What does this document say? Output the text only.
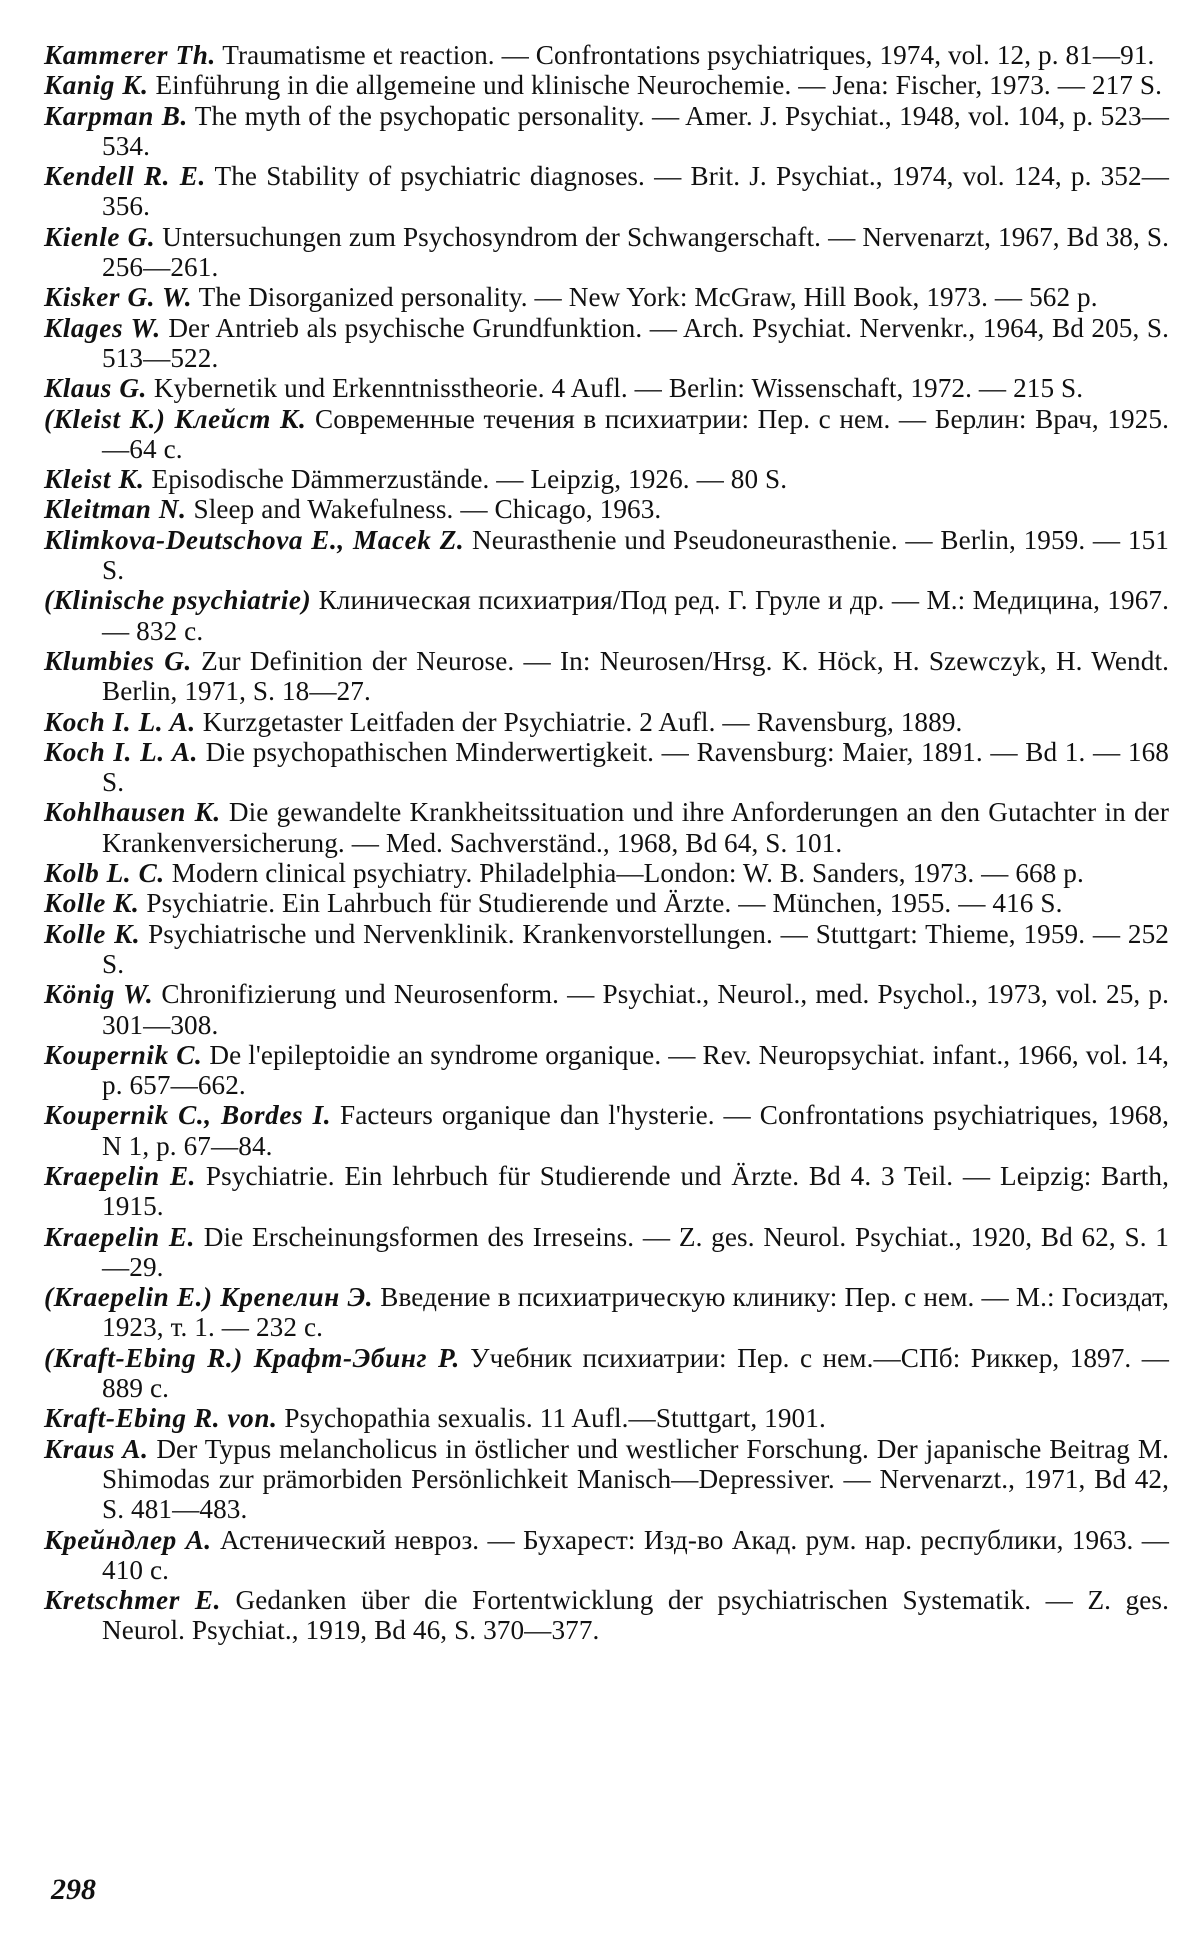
Kammerer Th. Traumatisme et reaction. — Confrontations psychiatriques, 1974, vol. 12, p. 81—91.
Kanig K. Einführung in die allgemeine und klinische Neurochemie. — Jena: Fischer, 1973. — 217 S.
Karpman B. The myth of the psychopatic personality. — Amer. J. Psychiat., 1948, vol. 104, p. 523—534.
Kendell R. E. The Stability of psychiatric diagnoses. — Brit. J. Psychiat., 1974, vol. 124, p. 352—356.
Kienle G. Untersuchungen zum Psychosyndrom der Schwangerschaft. — Nervenarzt, 1967, Bd 38, S. 256—261.
Kisker G. W. The Disorganized personality. — New York: McGraw, Hill Book, 1973. — 562 p.
Klages W. Der Antrieb als psychische Grundfunktion. — Arch. Psychiat. Nervenkr., 1964, Bd 205, S. 513—522.
Klaus G. Kybernetik und Erkenntnisstheorie. 4 Aufl. — Berlin: Wissenschaft, 1972. — 215 S.
(Kleist K.) Клейст К. Современные течения в психиатрии: Пер. с нем. — Берлин: Врач, 1925.—64 с.
Kleist K. Episodische Dämmerzustände. — Leipzig, 1926. — 80 S.
Kleitman N. Sleep and Wakefulness. — Chicago, 1963.
Klimkova-Deutschova E., Macek Z. Neurasthenie und Pseudoneurasthenie. — Berlin, 1959. — 151 S.
(Klinische psychiatrie) Клиническая психиатрия/Под ред. Г. Груле и др. — М.: Медицина, 1967. — 832 с.
Klumbies G. Zur Definition der Neurose. — In: Neurosen/Hrsg. K. Höck, H. Szewczyk, H. Wendt. Berlin, 1971, S. 18—27.
Koch I. L. A. Kurzgetaster Leitfaden der Psychiatrie. 2 Aufl. — Ravensburg, 1889.
Koch I. L. A. Die psychopathischen Minderwertigkeit. — Ravensburg: Maier, 1891. — Bd 1. — 168 S.
Kohlhausen K. Die gewandelte Krankheitssituation und ihre Anforderungen an den Gutachter in der Krankenversicherung. — Med. Sachverständ., 1968, Bd 64, S. 101.
Kolb L. C. Modern clinical psychiatry. Philadelphia—London: W. B. Sanders, 1973. — 668 p.
Kolle K. Psychiatrie. Ein Lahrbuch für Studierende und Ärzte. — München, 1955. — 416 S.
Kolle K. Psychiatrische und Nervenklinik. Krankenvorstellungen. — Stuttgart: Thieme, 1959. — 252 S.
König W. Chronifizierung und Neurosenform. — Psychiat., Neurol., med. Psychol., 1973, vol. 25, p. 301—308.
Koupernik C. De l'epileptoidie an syndrome organique. — Rev. Neuropsychiat. infant., 1966, vol. 14, p. 657—662.
Koupernik C., Bordes I. Facteurs organique dan l'hysterie. — Confrontations psychiatriques, 1968, N 1, p. 67—84.
Kraepelin E. Psychiatrie. Ein lehrbuch für Studierende und Ärzte. Bd 4. 3 Teil. — Leipzig: Barth, 1915.
Kraepelin E. Die Erscheinungsformen des Irreseins. — Z. ges. Neurol. Psychiat., 1920, Bd 62, S. 1—29.
(Kraepelin E.) Крепелин Э. Введение в психиатрическую клинику: Пер. с нем. — М.: Госиздат, 1923, т. 1. — 232 с.
(Kraft-Ebing R.) Крафт-Эбинг Р. Учебник психиатрии: Пер. с нем.—СПб: Риккер, 1897. — 889 с.
Kraft-Ebing R. von. Psychopathia sexualis. 11 Aufl.—Stuttgart, 1901.
Kraus A. Der Typus melancholicus in östlicher und westlicher Forschung. Der japanische Beitrag M. Shimodas zur prämorbiden Persönlichkeit Manisch—Depressiver. — Nervenarzt., 1971, Bd 42, S. 481—483.
Крейндлер А. Астенический невроз. — Бухарест: Изд-во Акад. рум. нар. республики, 1963. — 410 с.
Kretschmer E. Gedanken über die Fortentwicklung der psychiatrischen Systematik. — Z. ges. Neurol. Psychiat., 1919, Bd 46, S. 370—377.
298
